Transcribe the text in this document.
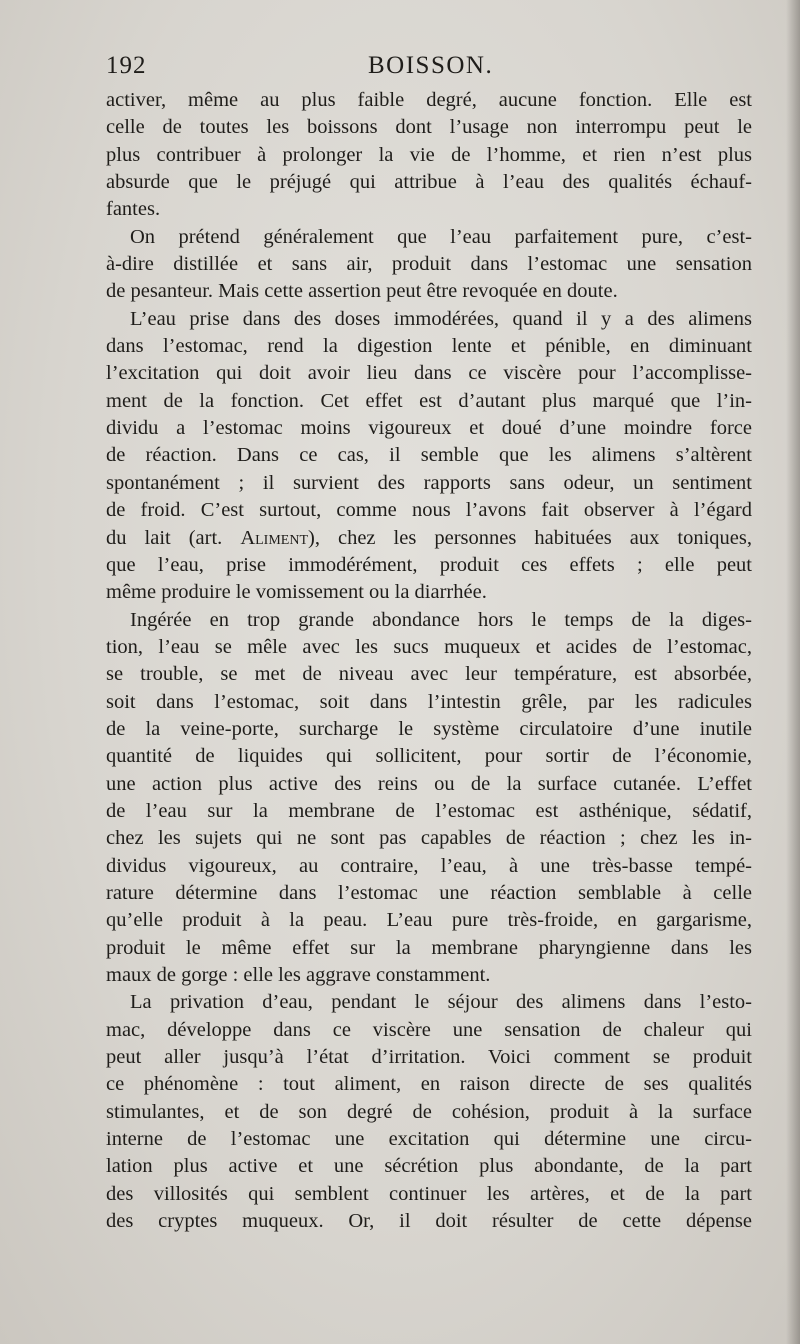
192	BOISSON.
activer, même au plus faible degré, aucune fonction. Elle est
celle de toutes les boissons dont l’usage non interrompu peut le
plus contribuer à prolonger la vie de l’homme, et rien n’est plus
absurde que le préjugé qui attribue à l’eau des qualités échauf-
fantes.
On prétend généralement que l’eau parfaitement pure, c’est-
à-dire distillée et sans air, produit dans l’estomac une sensation
de pesanteur. Mais cette assertion peut être revoquée en doute.
L’eau prise dans des doses immodérées, quand il y a des alimens
dans l’estomac, rend la digestion lente et pénible, en diminuant
l’excitation qui doit avoir lieu dans ce viscère pour l’accomplisse-
ment de la fonction. Cet effet est d’autant plus marqué que l’in-
dividu a l’estomac moins vigoureux et doué d’une moindre force
de réaction. Dans ce cas, il semble que les alimens s’altèrent
spontanément ; il survient des rapports sans odeur, un sentiment
de froid. C’est surtout, comme nous l’avons fait observer à l’égard
du lait (art. Aliment), chez les personnes habituées aux toniques,
que l’eau, prise immodérément, produit ces effets ; elle peut
même produire le vomissement ou la diarrhée.
Ingérée en trop grande abondance hors le temps de la diges-
tion, l’eau se mêle avec les sucs muqueux et acides de l’estomac,
se trouble, se met de niveau avec leur température, est absorbée,
soit dans l’estomac, soit dans l’intestin grêle, par les radicules
de la veine-porte, surcharge le système circulatoire d’une inutile
quantité de liquides qui sollicitent, pour sortir de l’économie,
une action plus active des reins ou de la surface cutanée. L’effet
de l’eau sur la membrane de l’estomac est asthénique, sédatif,
chez les sujets qui ne sont pas capables de réaction ; chez les in-
dividus vigoureux, au contraire, l’eau, à une très-basse tempé-
rature détermine dans l’estomac une réaction semblable à celle
qu’elle produit à la peau. L’eau pure très-froide, en gargarisme,
produit le même effet sur la membrane pharyngienne dans les
maux de gorge : elle les aggrave constamment.
La privation d’eau, pendant le séjour des alimens dans l’esto-
mac, développe dans ce viscère une sensation de chaleur qui
peut aller jusqu’à l’état d’irritation. Voici comment se produit
ce phénomène : tout aliment, en raison directe de ses qualités
stimulantes, et de son degré de cohésion, produit à la surface
interne de l’estomac une excitation qui détermine une circu-
lation plus active et une sécrétion plus abondante, de la part
des villosités qui semblent continuer les artères, et de la part
des cryptes muqueux. Or, il doit résulter de cette dépense
